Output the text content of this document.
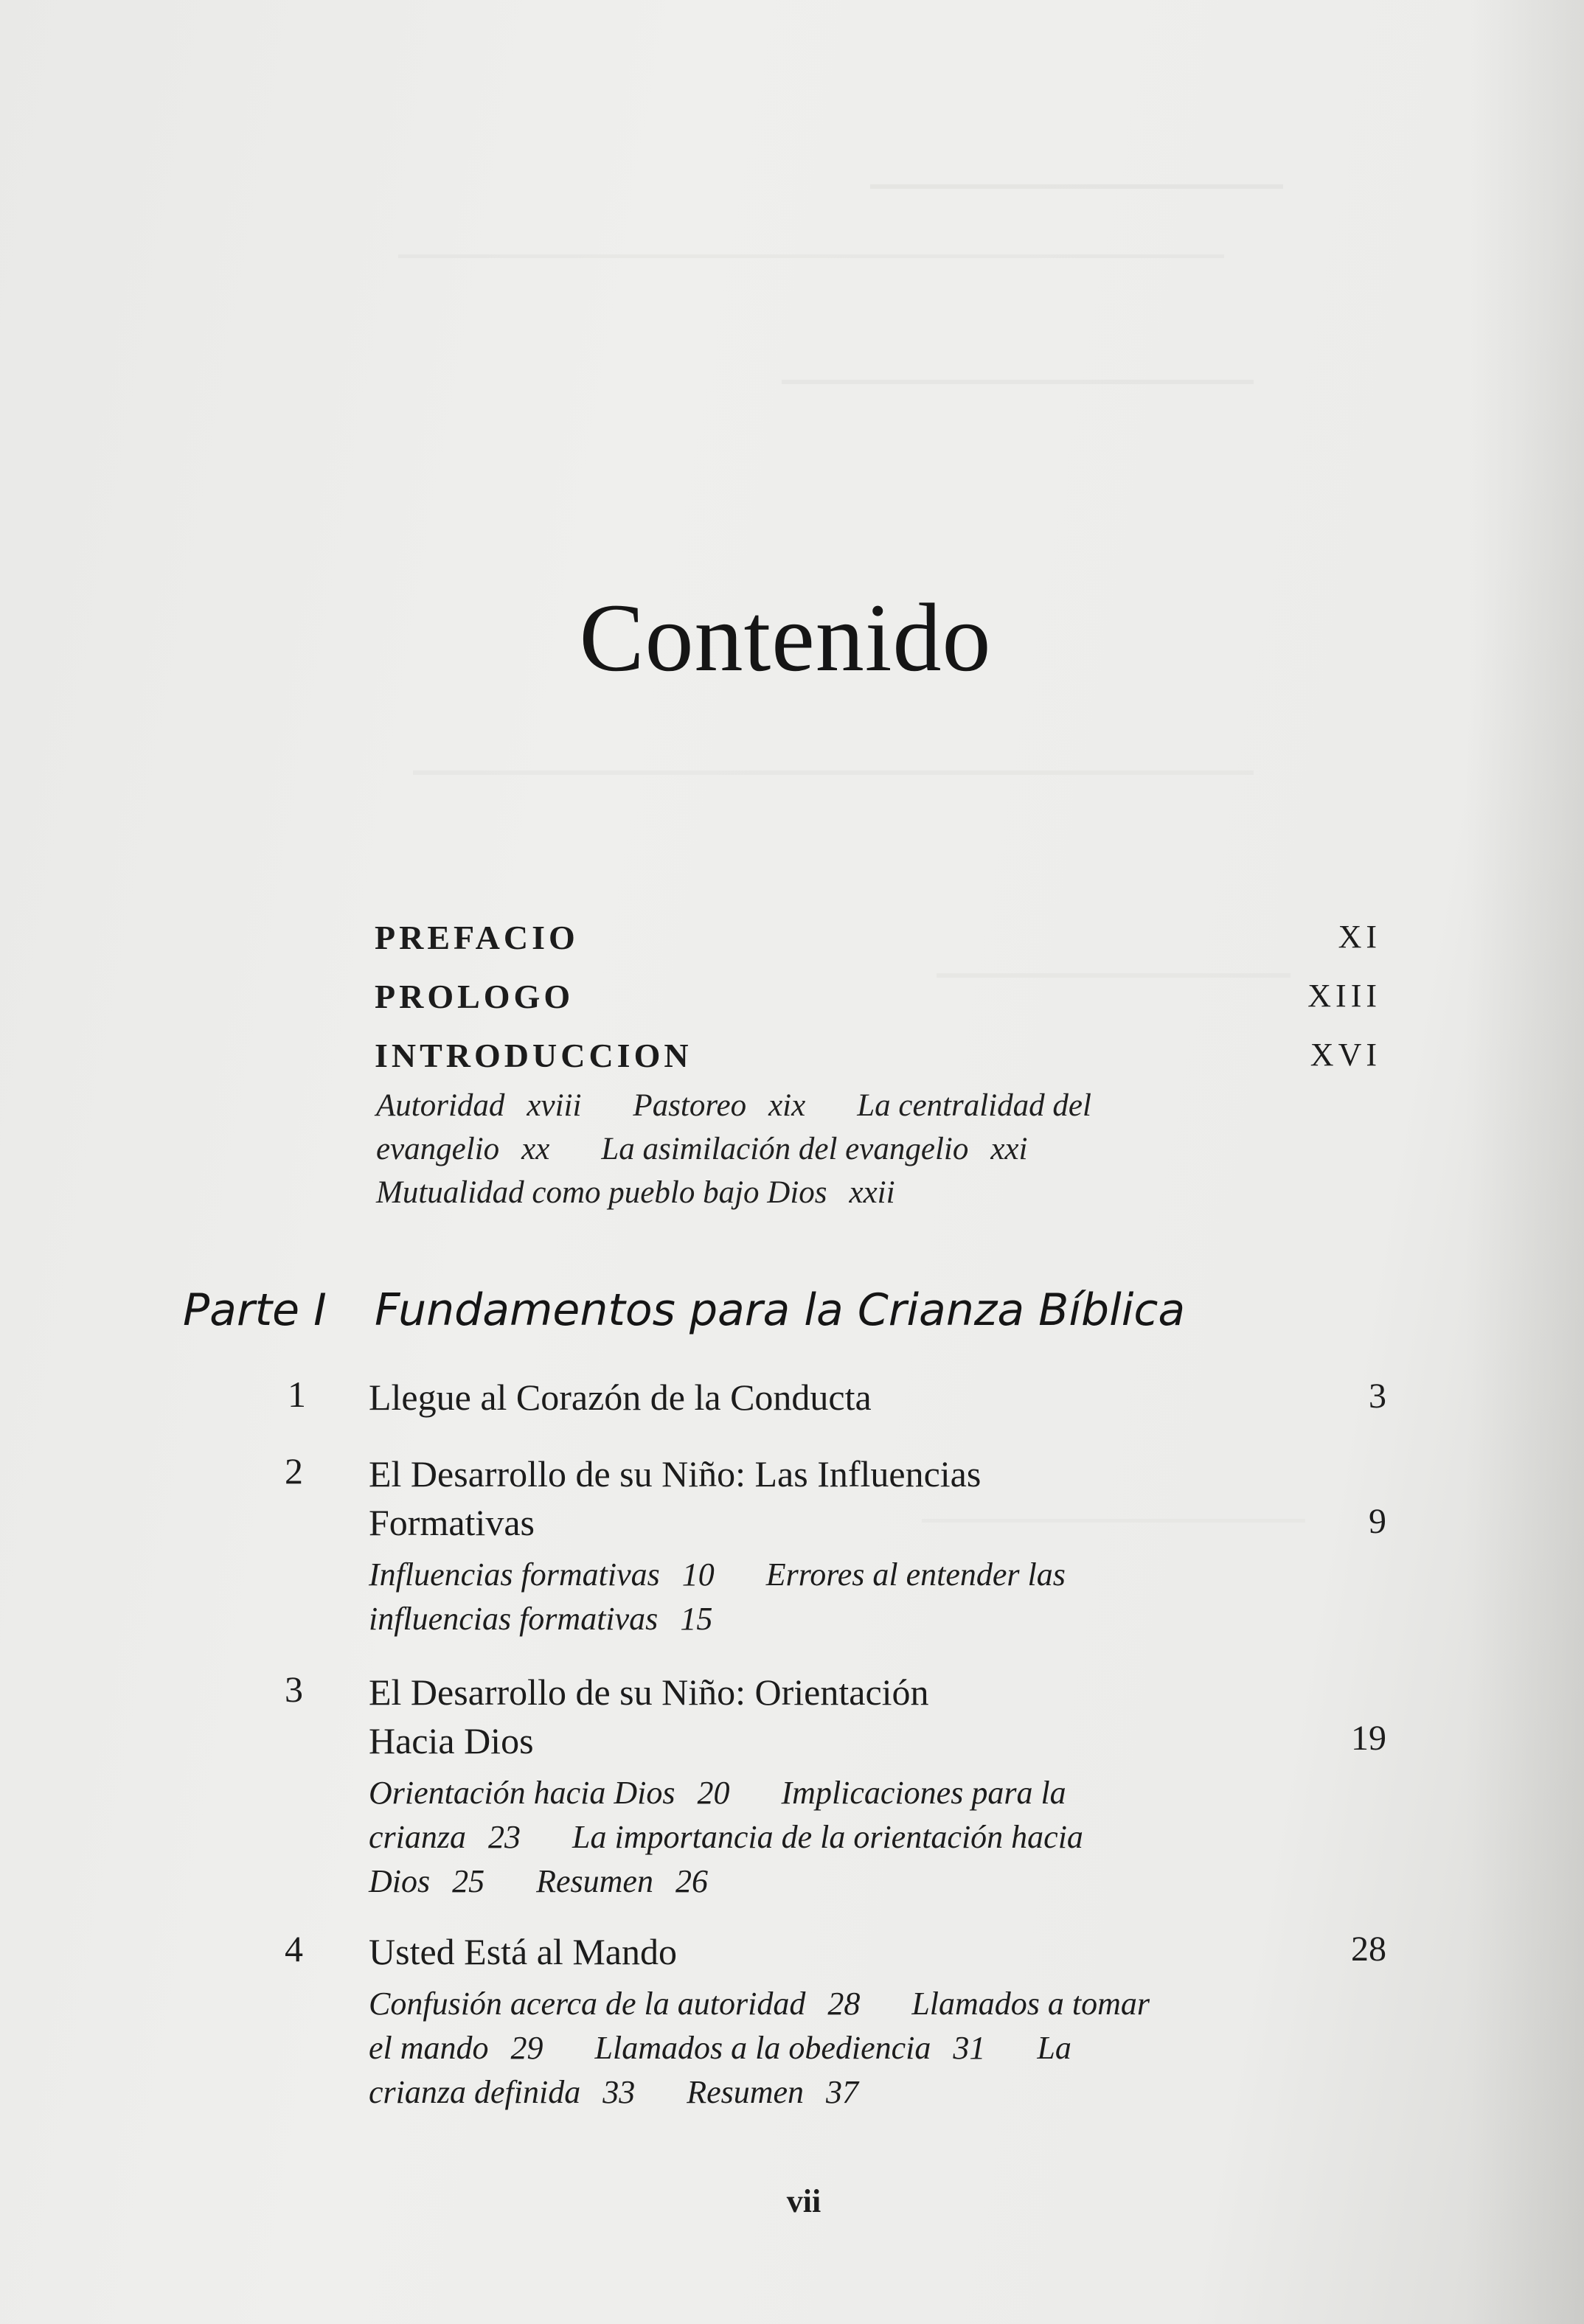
Contenido
PREFACIO	XI
PROLOGO	XIII
INTRODUCCION	XVI
Autoridad xviii Pastoreo xix La centralidad del
evangelio xx La asimilación del evangelio xxi
Mutualidad como pueblo bajo Dios xxii
Parte I Fundamentos para la Crianza Bíblica
1 Llegue al Corazón de la Conducta	3
2 El Desarrollo de su Niño: Las Influencias
Formativas	9
Influencias formativas 10 Errores al entender las
influencias formativas 15
3 El Desarrollo de su Niño: Orientación
Hacia Dios	19
Orientación hacia Dios 20 Implicaciones para la
crianza 23 La importancia de la orientación hacia
Dios 25 Resumen 26
4 Usted Está al Mando	28
Confusión acerca de la autoridad 28 Llamados a tomar
el mando 29 Llamados a la obediencia 31 La
crianza definida 33 Resumen 37
vii
